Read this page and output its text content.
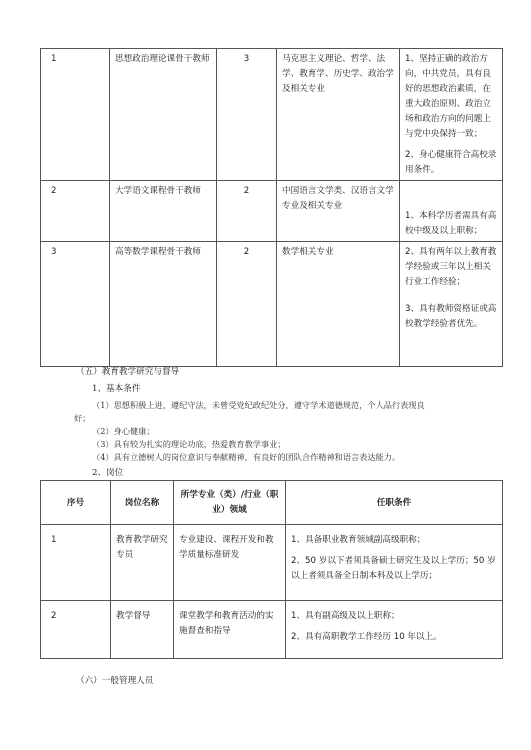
1	思想政治理论课骨干教师	3	马克思主义理论、哲学、法学、教育学、历史学、政治学及相关专业	1、坚持正确的政治方向，中共党员，具有良好的思想政治素质，在重大政治原则、政治立场和政治方向的问题上与党中央保持一致；

2、身心健康符合高校录用条件。

2	大学语文课程骨干教师	2	中国语言文学类、汉语言文学专业及相关专业	1、本科学历者需具有高校中级及以上职称；

3	高等数学课程骨干教师	2	数学相关专业	2、具有两年以上教育教学经验或三年以上相关行业工作经验；

3、具有教师资格证或高校教学经验者优先。

（五）教育教学研究与督导
1、基本条件
（1）思想积极上进，遵纪守法，未曾受党纪政纪处分，遵守学术道德规范，个人品行表现良
好；
（2）身心健康；
（3）具有较为扎实的理论功底，热爱教育教学事业；
（4）具有立德树人的岗位意识与奉献精神，有良好的团队合作精神和语言表达能力。
2、岗位
序号	岗位名称	所学专业（类）/行业（职业）领域	任职条件
1	教育教学研究专员	专业建设、课程开发和教学质量标准研发	1、具备职业教育领域副高级职称；

2、50 岁以下者须具备硕士研究生及以上学历；50 岁以上者须具备全日制本科及以上学历；

2	教学督导	课堂教学和教育活动的实施督查和指导	1、具有副高级及以上职称；

2、具有高职教学工作经历 10 年以上。

（六）一般管理人员
